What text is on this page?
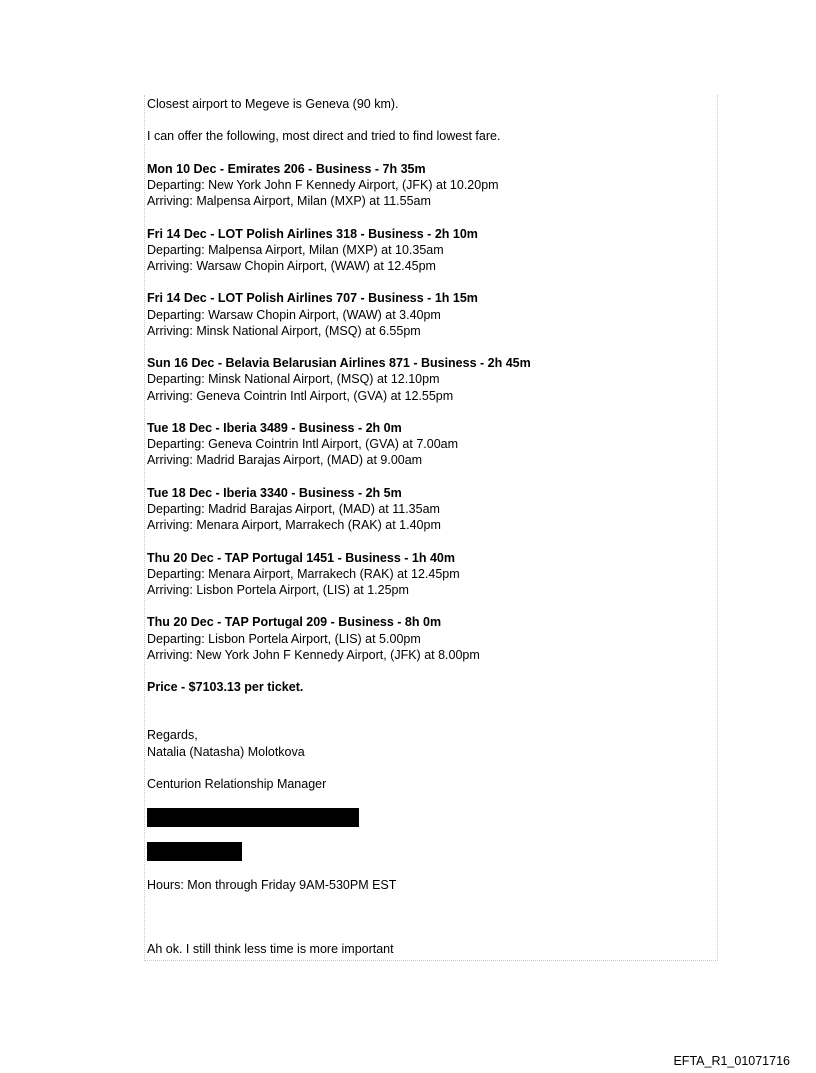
Closest airport to Megeve is Geneva (90 km).
I can offer the following, most direct and tried to find lowest fare.
Mon 10 Dec - Emirates 206 - Business - 7h 35m
Departing: New York John F Kennedy Airport, (JFK) at 10.20pm
Arriving: Malpensa Airport, Milan (MXP) at 11.55am
Fri 14 Dec - LOT Polish Airlines 318 - Business - 2h 10m
Departing: Malpensa Airport, Milan (MXP) at 10.35am
Arriving: Warsaw Chopin Airport, (WAW) at 12.45pm
Fri 14 Dec - LOT Polish Airlines 707 - Business - 1h 15m
Departing: Warsaw Chopin Airport, (WAW) at 3.40pm
Arriving: Minsk National Airport, (MSQ) at 6.55pm
Sun 16 Dec - Belavia Belarusian Airlines 871 - Business - 2h 45m
Departing: Minsk National Airport, (MSQ) at 12.10pm
Arriving: Geneva Cointrin Intl Airport, (GVA) at 12.55pm
Tue 18 Dec - Iberia 3489 - Business - 2h 0m
Departing: Geneva Cointrin Intl Airport, (GVA) at 7.00am
Arriving: Madrid Barajas Airport, (MAD) at 9.00am
Tue 18 Dec - Iberia 3340 - Business - 2h 5m
Departing: Madrid Barajas Airport, (MAD) at 11.35am
Arriving: Menara Airport, Marrakech (RAK) at 1.40pm
Thu 20 Dec - TAP Portugal 1451 - Business - 1h 40m
Departing: Menara Airport, Marrakech (RAK) at 12.45pm
Arriving: Lisbon Portela Airport, (LIS) at 1.25pm
Thu 20 Dec - TAP Portugal 209 - Business - 8h 0m
Departing: Lisbon Portela Airport, (LIS) at 5.00pm
Arriving: New York John F Kennedy Airport, (JFK) at 8.00pm
Price - $7103.13 per ticket.
Regards,
Natalia (Natasha) Molotkova
Centurion Relationship Manager
Hours: Mon through Friday 9AM-530PM EST
Ah ok. I still think less time is more important
EFTA_R1_01071716
